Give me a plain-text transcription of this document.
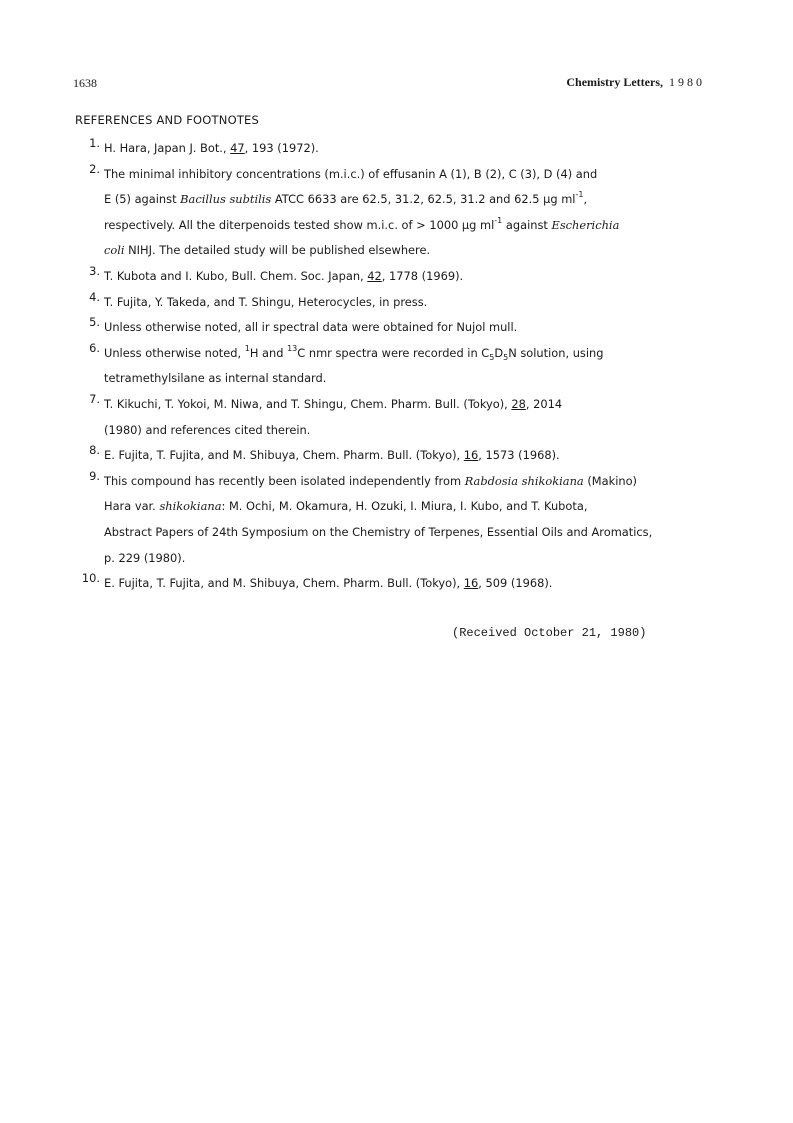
1638	Chemistry Letters, 1980
REFERENCES AND FOOTNOTES
1. H. Hara, Japan J. Bot., 47, 193 (1972).
2. The minimal inhibitory concentrations (m.i.c.) of effusanin A (1), B (2), C (3), D (4) and
E (5) against Bacillus subtilis ATCC 6633 are 62.5, 31.2, 62.5, 31.2 and 62.5 µg $ml^{-1}$,
respectively. All the diterpenoids tested show m.i.c. of > 1000 µg $ml^{-1}$ against Escherichia
coli NIHJ. The detailed study will be published elsewhere.
3. T. Kubota and I. Kubo, Bull. Chem. Soc. Japan, 42, 1778 (1969).
4. T. Fujita, Y. Takeda, and T. Shingu, Heterocycles, in press.
5. Unless otherwise noted, all ir spectral data were obtained for Nujol mull.
6. Unless otherwise noted, $^1$H and $^{13}$C nmr spectra were recorded in $C_5D_5N$ solution, using
tetramethylsilane as internal standard.
7. T. Kikuchi, T. Yokoi, M. Niwa, and T. Shingu, Chem. Pharm. Bull. (Tokyo), 28, 2014
(1980) and references cited therein.
8. E. Fujita, T. Fujita, and M. Shibuya, Chem. Pharm. Bull. (Tokyo), 16, 1573 (1968).
9. This compound has recently been isolated independently from Rabdosia shikokiana (Makino)
Hara var. shikokiana: M. Ochi, M. Okamura, H. Ozuki, I. Miura, I. Kubo, and T. Kubota,
Abstract Papers of 24th Symposium on the Chemistry of Terpenes, Essential Oils and Aromatics,
p. 229 (1980).
10. E. Fujita, T. Fujita, and M. Shibuya, Chem. Pharm. Bull. (Tokyo), 16, 509 (1968).
(Received October 21, 1980)
